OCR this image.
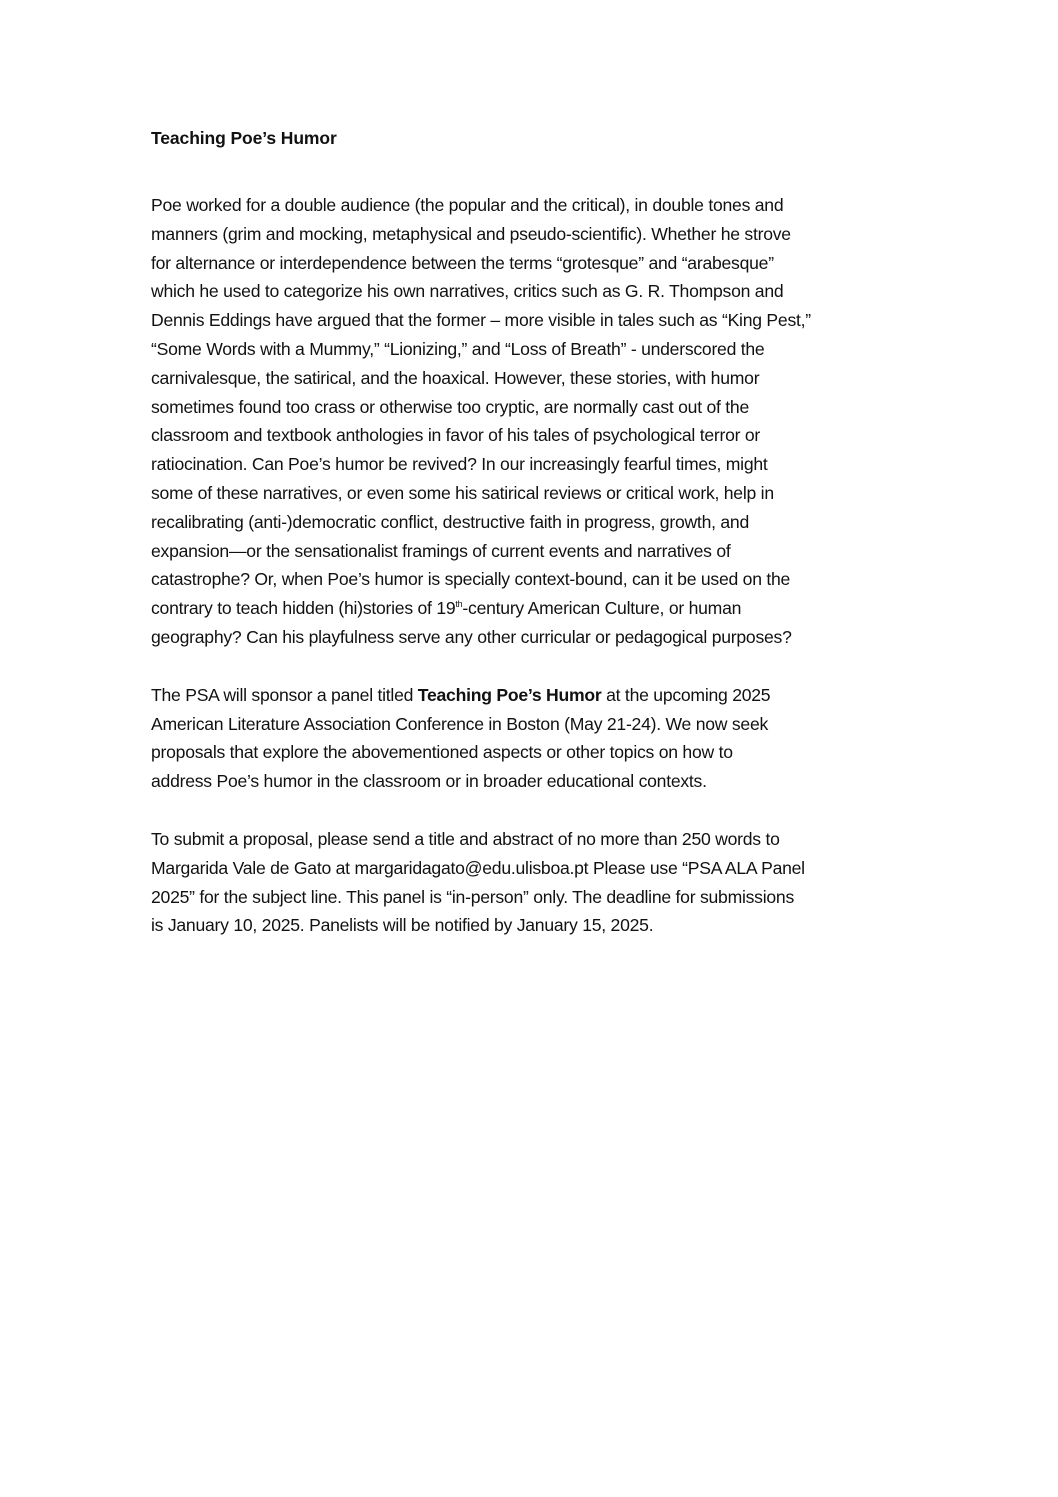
Teaching Poe’s Humor

Poe worked for a double audience (the popular and the critical), in double tones and
manners (grim and mocking, metaphysical and pseudo-scientific). Whether he strove
for alternance or interdependence between the terms “grotesque” and “arabesque”
which he used to categorize his own narratives, critics such as G. R. Thompson and
Dennis Eddings have argued that the former – more visible in tales such as “King Pest,”
“Some Words with a Mummy,” “Lionizing,” and “Loss of Breath” - underscored the
carnivalesque, the satirical, and the hoaxical. However, these stories, with humor
sometimes found too crass or otherwise too cryptic, are normally cast out of the
classroom and textbook anthologies in favor of his tales of psychological terror or
ratiocination. Can Poe’s humor be revived? In our increasingly fearful times, might
some of these narratives, or even some his satirical reviews or critical work, help in
recalibrating (anti-)democratic conflict, destructive faith in progress, growth, and
expansion—or the sensationalist framings of current events and narratives of
catastrophe? Or, when Poe’s humor is specially context-bound, can it be used on the
contrary to teach hidden (hi)stories of 19th-century American Culture, or human
geography? Can his playfulness serve any other curricular or pedagogical purposes?

The PSA will sponsor a panel titled Teaching Poe’s Humor at the upcoming 2025
American Literature Association Conference in Boston (May 21-24). We now seek
proposals that explore the abovementioned aspects or other topics on how to
address Poe’s humor in the classroom or in broader educational contexts.

To submit a proposal, please send a title and abstract of no more than 250 words to
Margarida Vale de Gato at margaridagato@edu.ulisboa.pt Please use “PSA ALA Panel
2025” for the subject line. This panel is “in-person” only. The deadline for submissions
is January 10, 2025. Panelists will be notified by January 15, 2025.
